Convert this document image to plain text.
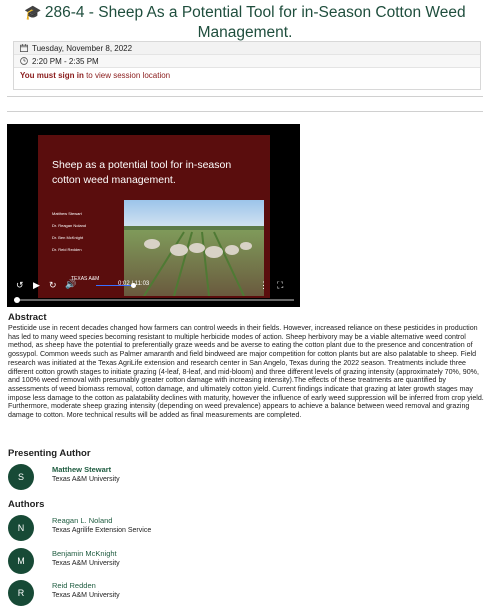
🎓 286-4 - Sheep As a Potential Tool for in-Season Cotton Weed Management.
Tuesday, November 8, 2022
2:20 PM - 2:35 PM
You must sign in to view session location
Sheep as a potential tool for in-season cotton weed management.
Matthew Stewart
Dr. Reagan Noland
Dr. Ben McKnight
Dr. Reid Redden
TEXAS A&M
↺ ▶ ↻ 🔊	0:02 / 11:03	⋮ ⛶
Abstract
Pesticide use in recent decades changed how farmers can control weeds in their fields. However, increased reliance on these pesticides in production has led to many weed species becoming resistant to multiple herbicide modes of action. Sheep herbivory may be a viable alternative weed control method, as sheep have the potential to preferentially graze weeds and be averse to eating the cotton plant due to the presence and concentration of gossypol. Common weeds such as Palmer amaranth and field bindweed are major competition for cotton plants but are also palatable to sheep. Field research was initiated at the Texas AgriLife extension and research center in San Angelo, Texas during the 2022 season. Treatments include three different cotton growth stages to initiate grazing (4-leaf, 8-leaf, and mid-bloom) and three different levels of grazing intensity (approximately 70%, 90%, and 100% weed removal with presumably greater cotton damage with increasing intensity).The effects of these treatments are quantified by assessments of weed biomass removal, cotton damage, and ultimately cotton yield. Current findings indicate that grazing at later growth stages may impose less damage to the cotton as palatability declines with maturity, however the influence of early weed suppression will be inferred from crop yield. Furthermore, moderate sheep grazing intensity (depending on weed prevalence) appears to achieve a balance between weed removal and grazing damage to cotton. More technical results will be added as final measurements are completed.
Presenting Author
S
Matthew Stewart
Texas A&M University
Authors
N
Reagan L. Noland
Texas Agrilife Extension Service
M
Benjamin McKnight
Texas A&M University
R
Reid Redden
Texas A&M University
